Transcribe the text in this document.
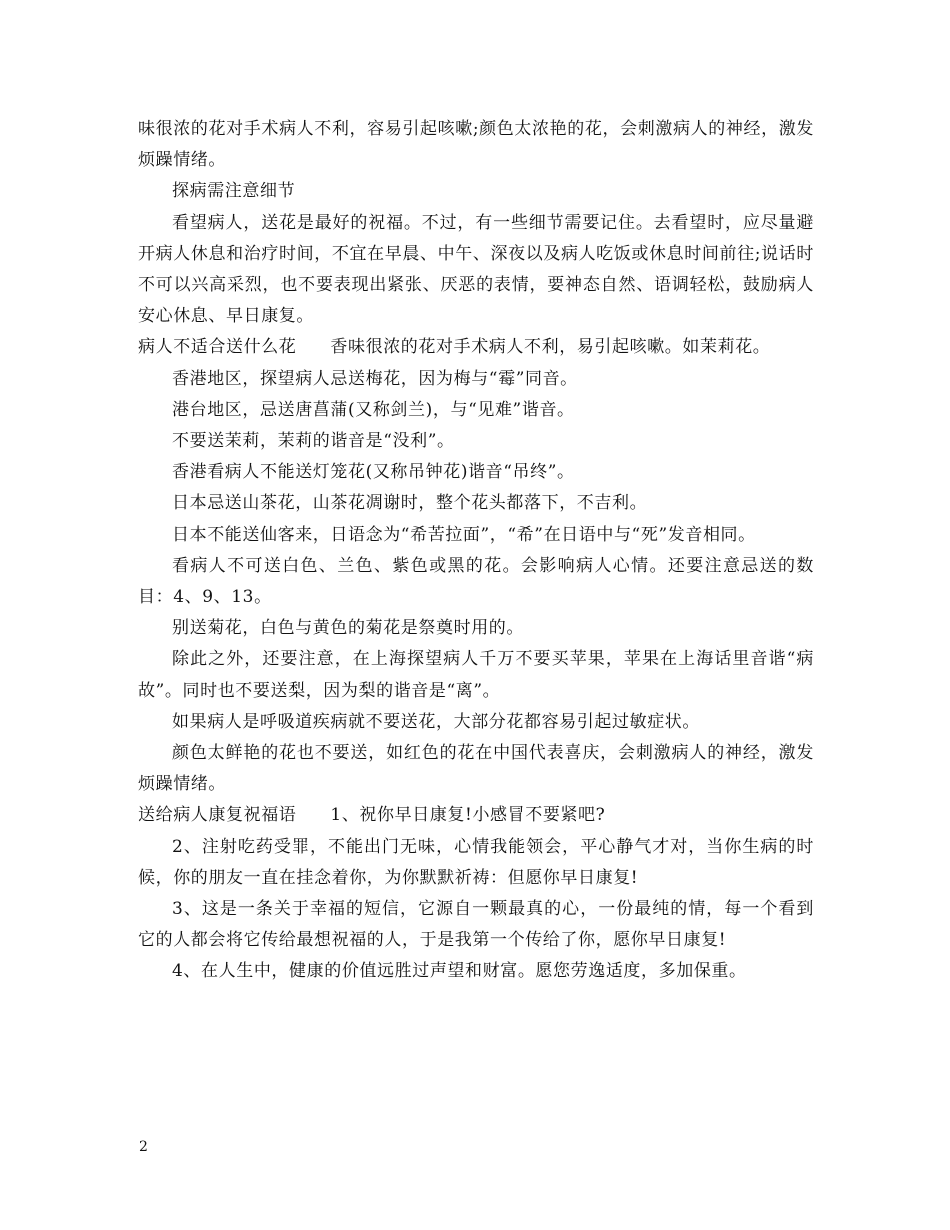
味很浓的花对手术病人不利，容易引起咳嗽;颜色太浓艳的花，会刺激病人的神经，激发烦躁情绪。

探病需注意细节

看望病人，送花是最好的祝福。不过，有一些细节需要记住。去看望时，应尽量避开病人休息和治疗时间，不宜在早晨、中午、深夜以及病人吃饭或休息时间前往;说话时不可以兴高采烈，也不要表现出紧张、厌恶的表情，要神态自然、语调轻松，鼓励病人安心休息、早日康复。

病人不适合送什么花 香味很浓的花对手术病人不利，易引起咳嗽。如茉莉花。

香港地区，探望病人忌送梅花，因为梅与“霉”同音。

港台地区，忌送唐菖蒲(又称剑兰)，与“见难”谐音。

不要送茉莉，茉莉的谐音是“没利”。

香港看病人不能送灯笼花(又称吊钟花)谐音“吊终”。

日本忌送山茶花，山茶花凋谢时，整个花头都落下，不吉利。

日本不能送仙客来，日语念为“希苦拉面”，“希”在日语中与“死”发音相同。

看病人不可送白色、兰色、紫色或黑的花。会影响病人心情。还要注意忌送的数目：4、9、13。

别送菊花，白色与黄色的菊花是祭奠时用的。

除此之外，还要注意，在上海探望病人千万不要买苹果，苹果在上海话里音谐“病故”。同时也不要送梨，因为梨的谐音是“离”。

如果病人是呼吸道疾病就不要送花，大部分花都容易引起过敏症状。

颜色太鲜艳的花也不要送，如红色的花在中国代表喜庆，会刺激病人的神经，激发烦躁情绪。

送给病人康复祝福语 1、祝你早日康复!小感冒不要紧吧?

2、注射吃药受罪，不能出门无味，心情我能领会，平心静气才对，当你生病的时候，你的朋友一直在挂念着你，为你默默祈祷：但愿你早日康复!

3、这是一条关于幸福的短信，它源自一颗最真的心，一份最纯的情，每一个看到它的人都会将它传给最想祝福的人，于是我第一个传给了你，愿你早日康复!

4、在人生中，健康的价值远胜过声望和财富。愿您劳逸适度，多加保重。

2
